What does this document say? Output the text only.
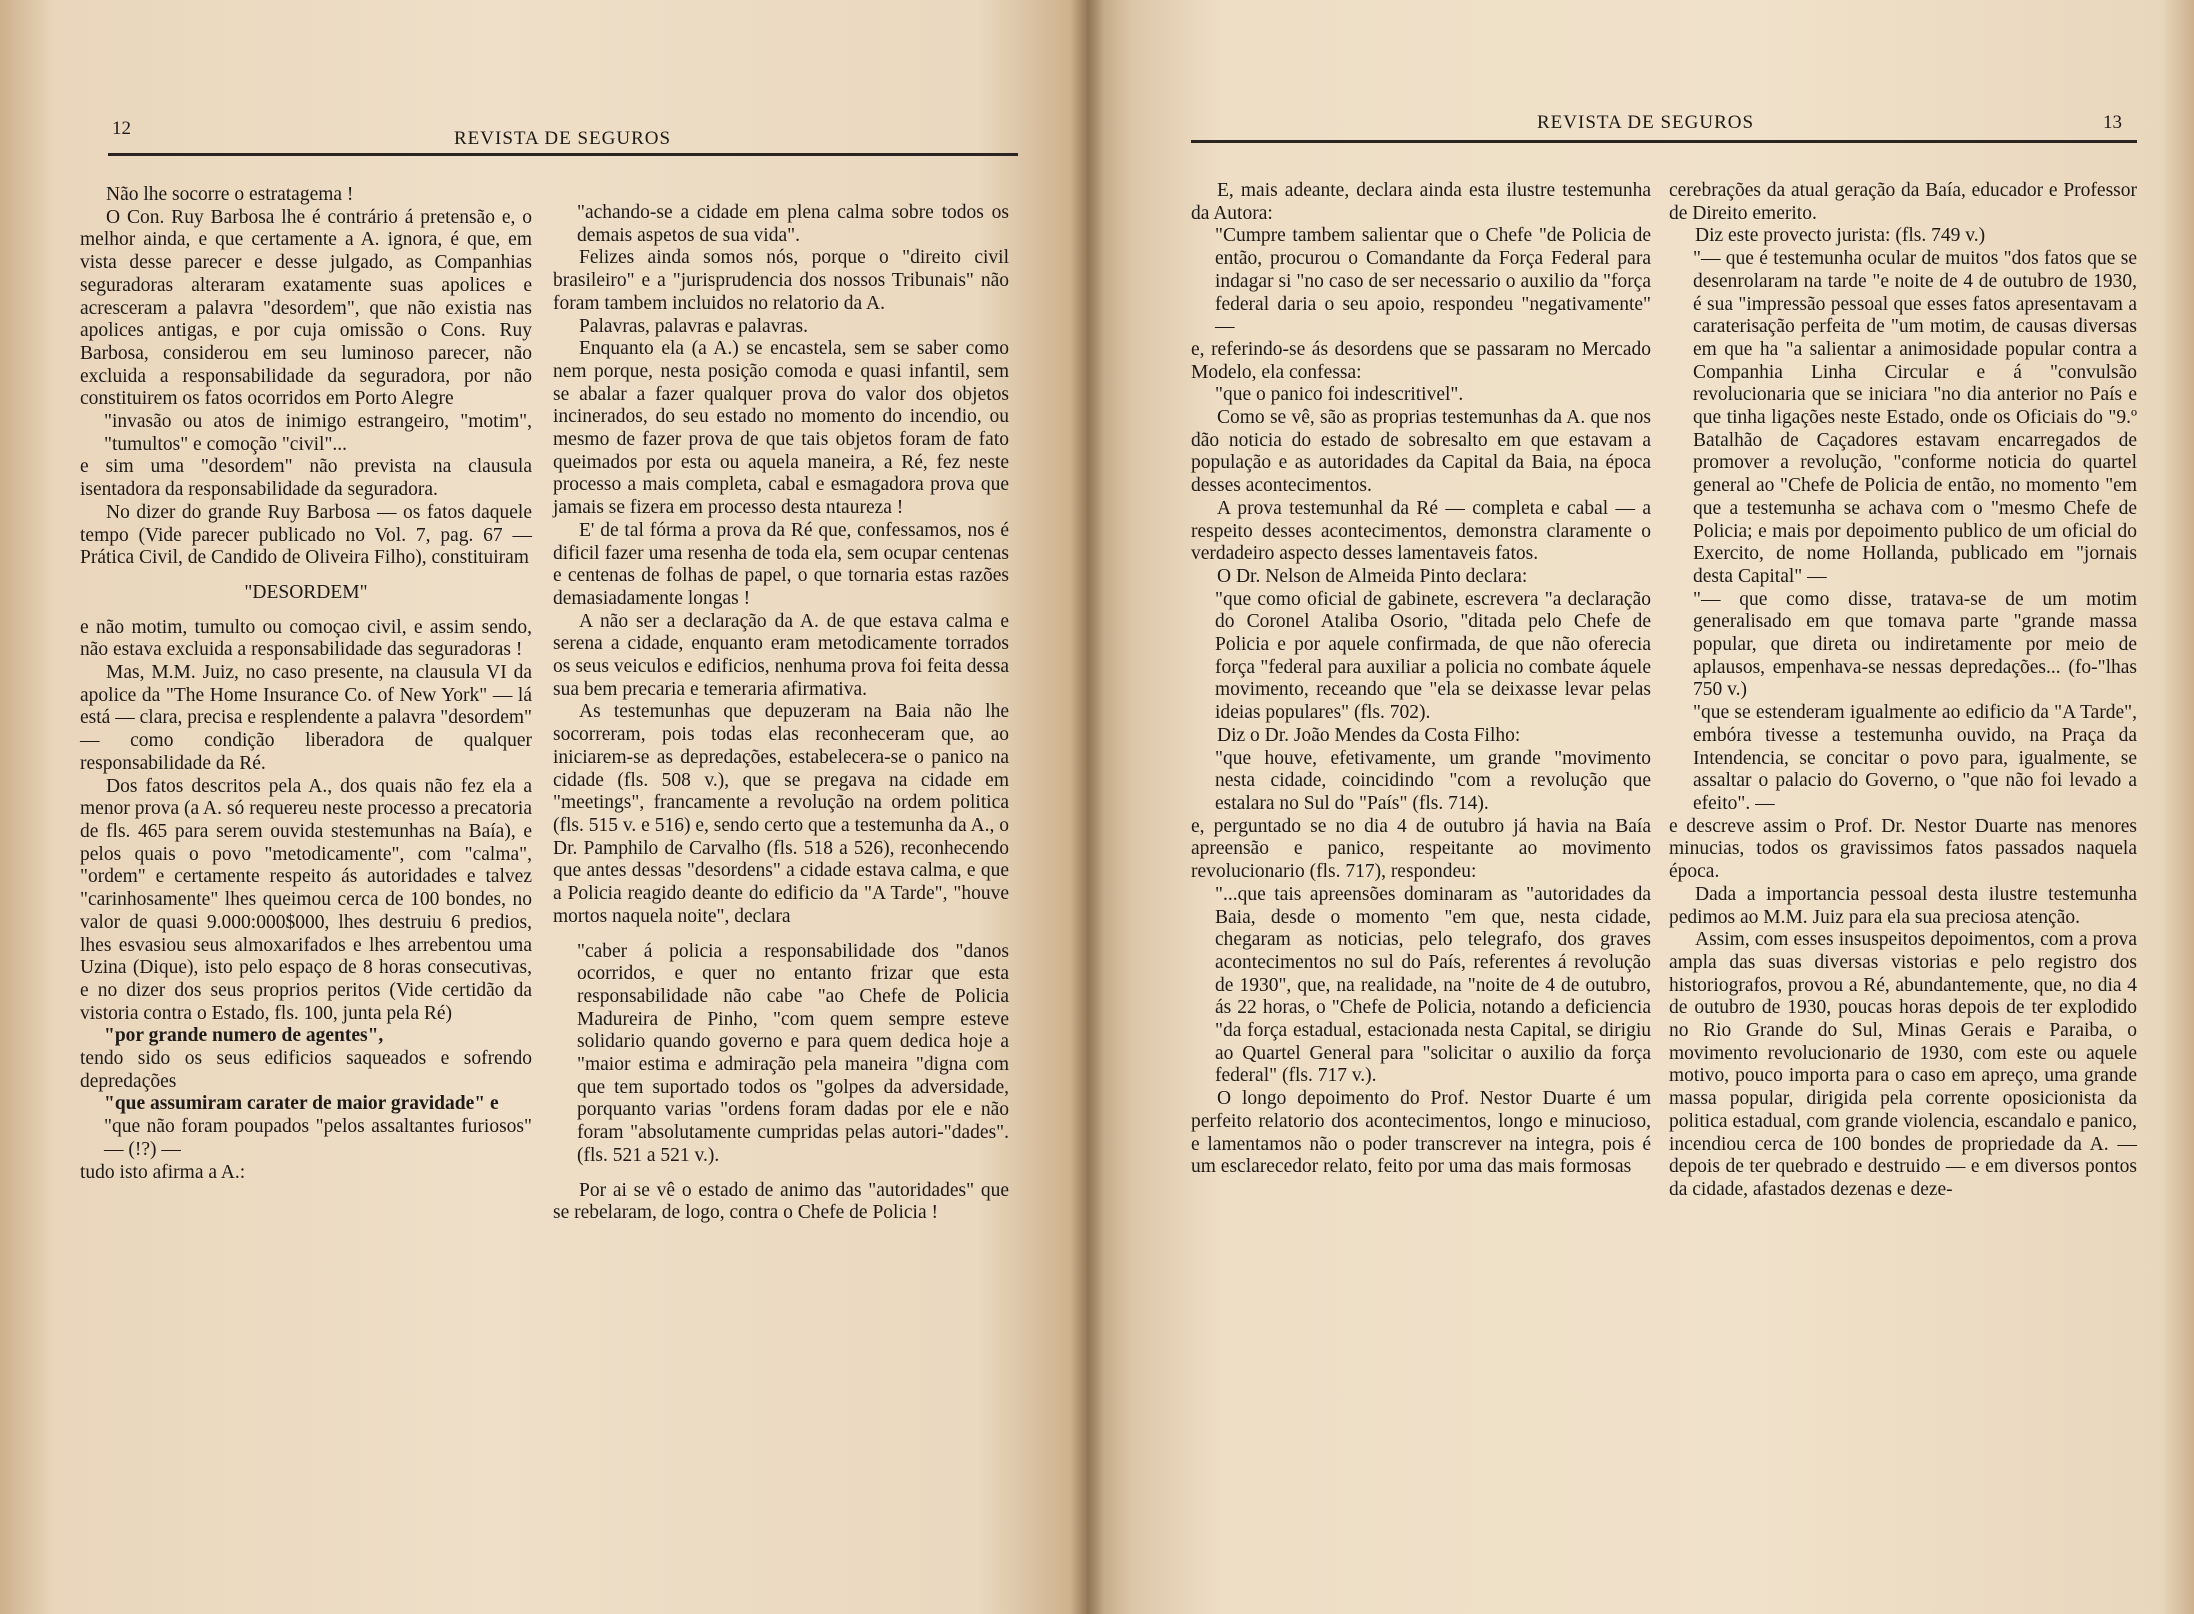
12	REVISTA DE SEGUROS

Não lhe socorre o estratagema !

O Con. Ruy Barbosa lhe é contrário á pretensão e, o melhor ainda, e que certamente a A. ignora, é que, em vista desse parecer e desse julgado, as Companhias seguradoras alteraram exatamente suas apolices e acresceram a palavra "desordem", que não existia nas apolices antigas, e por cuja omissão o Cons. Ruy Barbosa, considerou em seu luminoso parecer, não excluida a responsabilidade da seguradora, por não constituirem os fatos ocorridos em Porto Alegre

"invasão ou atos de inimigo estrangeiro, "motim", "tumultos" e comoção "civil"...

e sim uma "desordem" não prevista na clausula isentadora da responsabilidade da seguradora.

No dizer do grande Ruy Barbosa — os fatos daquele tempo (Vide parecer publicado no Vol. 7, pag. 67 — Prática Civil, de Candido de Oliveira Filho), constituiram

"DESORDEM"

e não motim, tumulto ou comoçao civil, e assim sendo, não estava excluida a responsabilidade das seguradoras !

Mas, M.M. Juiz, no caso presente, na clausula VI da apolice da "The Home Insurance Co. of New York" — lá está — clara, precisa e resplendente a palavra "desordem" — como condição liberadora de qualquer responsabilidade da Ré.

Dos fatos descritos pela A., dos quais não fez ela a menor prova (a A. só requereu neste processo a precatoria de fls. 465 para serem ouvida stestemunhas na Baía), e pelos quais o povo "metodicamente", com "calma", "ordem" e certamente respeito ás autoridades e talvez "carinhosamente" lhes queimou cerca de 100 bondes, no valor de quasi 9.000:000$000, lhes destruiu 6 predios, lhes esvasiou seus almoxarifados e lhes arrebentou uma Uzina (Dique), isto pelo espaço de 8 horas consecutivas, e no dizer dos seus proprios peritos (Vide certidão da vistoria contra o Estado, fls. 100, junta pela Ré)

"por grande numero de agentes",

tendo sido os seus edificios saqueados e sofrendo depredações

"que assumiram carater de maior gravidade" e

"que não foram poupados "pelos assaltantes furiosos" — (!?) —

tudo isto afirma a A.:

"achando-se a cidade em plena calma sobre todos os demais aspetos de sua vida".

Felizes ainda somos nós, porque o "direito civil brasileiro" e a "jurisprudencia dos nossos Tribunais" não foram tambem incluidos no relatorio da A.

Palavras, palavras e palavras.

Enquanto ela (a A.) se encastela, sem se saber como nem porque, nesta posição comoda e quasi infantil, sem se abalar a fazer qualquer prova do valor dos objetos incinerados, do seu estado no momento do incendio, ou mesmo de fazer prova de que tais objetos foram de fato queimados por esta ou aquela maneira, a Ré, fez neste processo a mais completa, cabal e esmagadora prova que jamais se fizera em processo desta ntaureza !

E' de tal fórma a prova da Ré que, confessamos, nos é dificil fazer uma resenha de toda ela, sem ocupar centenas e centenas de folhas de papel, o que tornaria estas razões demasiadamente longas !

A não ser a declaração da A. de que estava calma e serena a cidade, enquanto eram metodicamente torrados os seus veiculos e edificios, nenhuma prova foi feita dessa sua bem precaria e temeraria afirmativa.

As testemunhas que depuzeram na Baia não lhe socorreram, pois todas elas reconheceram que, ao iniciarem-se as depredações, estabelecera-se o panico na cidade (fls. 508 v.), que se pregava na cidade em "meetings", francamente a revolução na ordem politica (fls. 515 v. e 516) e, sendo certo que a testemunha da A., o Dr. Pamphilo de Carvalho (fls. 518 a 526), reconhecendo que antes dessas "desordens" a cidade estava calma, e que a Policia reagido deante do edificio da "A Tarde", "houve mortos naquela noite", declara

"caber á policia a responsabilidade dos "danos ocorridos, e quer no entanto frizar que esta responsabilidade não cabe "ao Chefe de Policia Madureira de Pinho, "com quem sempre esteve solidario quando governo e para quem dedica hoje a "maior estima e admiração pela maneira "digna com que tem suportado todos os "golpes da adversidade, porquanto varias "ordens foram dadas por ele e não foram "absolutamente cumpridas pelas autori-"dades". (fls. 521 a 521 v.).

Por ai se vê o estado de animo das "autoridades" que se rebelaram, de logo, contra o Chefe de Policia !

REVISTA DE SEGUROS	13

E, mais adeante, declara ainda esta ilustre testemunha da Autora:

"Cumpre tambem salientar que o Chefe "de Policia de então, procurou o Comandante da Força Federal para indagar si "no caso de ser necessario o auxilio da "força federal daria o seu apoio, respondeu "negativamente" —

e, referindo-se ás desordens que se passaram no Mercado Modelo, ela confessa:

"que o panico foi indescritivel".

Como se vê, são as proprias testemunhas da A. que nos dão noticia do estado de sobresalto em que estavam a população e as autoridades da Capital da Baia, na época desses acontecimentos.

A prova testemunhal da Ré — completa e cabal — a respeito desses acontecimentos, demonstra claramente o verdadeiro aspecto desses lamentaveis fatos.

O Dr. Nelson de Almeida Pinto declara:

"que como oficial de gabinete, escrevera "a declaração do Coronel Ataliba Osorio, "ditada pelo Chefe de Policia e por aquele confirmada, de que não oferecia força "federal para auxiliar a policia no combate áquele movimento, receando que "ela se deixasse levar pelas ideias populares" (fls. 702).

Diz o Dr. João Mendes da Costa Filho:

"que houve, efetivamente, um grande "movimento nesta cidade, coincidindo "com a revolução que estalara no Sul do "País" (fls. 714).

e, perguntado se no dia 4 de outubro já havia na Baía apreensão e panico, respeitante ao movimento revolucionario (fls. 717), respondeu:

"...que tais apreensões dominaram as "autoridades da Baia, desde o momento "em que, nesta cidade, chegaram as noticias, pelo telegrafo, dos graves acontecimentos no sul do País, referentes á revolução de 1930", que, na realidade, na "noite de 4 de outubro, ás 22 horas, o "Chefe de Policia, notando a deficiencia "da força estadual, estacionada nesta Capital, se dirigiu ao Quartel General para "solicitar o auxilio da força federal" (fls. 717 v.).

O longo depoimento do Prof. Nestor Duarte é um perfeito relatorio dos acontecimentos, longo e minucioso, e lamentamos não o poder transcrever na integra, pois é um esclarecedor relato, feito por uma das mais formosas

cerebrações da atual geração da Baía, educador e Professor de Direito emerito.

Diz este provecto jurista: (fls. 749 v.)

"— que é testemunha ocular de muitos "dos fatos que se desenrolaram na tarde "e noite de 4 de outubro de 1930, é sua "impressão pessoal que esses fatos apresentavam a caraterisação perfeita de "um motim, de causas diversas em que ha "a salientar a animosidade popular contra a Companhia Linha Circular e á "convulsão revolucionaria que se iniciara "no dia anterior no País e que tinha ligações neste Estado, onde os Oficiais do "9.º Batalhão de Caçadores estavam encarregados de promover a revolução, "conforme noticia do quartel general ao "Chefe de Policia de então, no momento "em que a testemunha se achava com o "mesmo Chefe de Policia; e mais por depoimento publico de um oficial do Exercito, de nome Hollanda, publicado em "jornais desta Capital" —

"— que como disse, tratava-se de um motim generalisado em que tomava parte "grande massa popular, que direta ou indiretamente por meio de aplausos, empenhava-se nessas depredações... (fo-"lhas 750 v.)

"que se estenderam igualmente ao edificio da "A Tarde", embóra tivesse a testemunha ouvido, na Praça da Intendencia, se concitar o povo para, igualmente, se assaltar o palacio do Governo, o "que não foi levado a efeito". —

e descreve assim o Prof. Dr. Nestor Duarte nas menores minucias, todos os gravissimos fatos passados naquela época.

Dada a importancia pessoal desta ilustre testemunha pedimos ao M.M. Juiz para ela sua preciosa atenção.

Assim, com esses insuspeitos depoimentos, com a prova ampla das suas diversas vistorias e pelo registro dos historiografos, provou a Ré, abundantemente, que, no dia 4 de outubro de 1930, poucas horas depois de ter explodido no Rio Grande do Sul, Minas Gerais e Paraiba, o movimento revolucionario de 1930, com este ou aquele motivo, pouco importa para o caso em apreço, uma grande massa popular, dirigida pela corrente oposicionista da politica estadual, com grande violencia, escandalo e panico, incendiou cerca de 100 bondes de propriedade da A. — depois de ter quebrado e destruido — e em diversos pontos da cidade, afastados dezenas e deze-
